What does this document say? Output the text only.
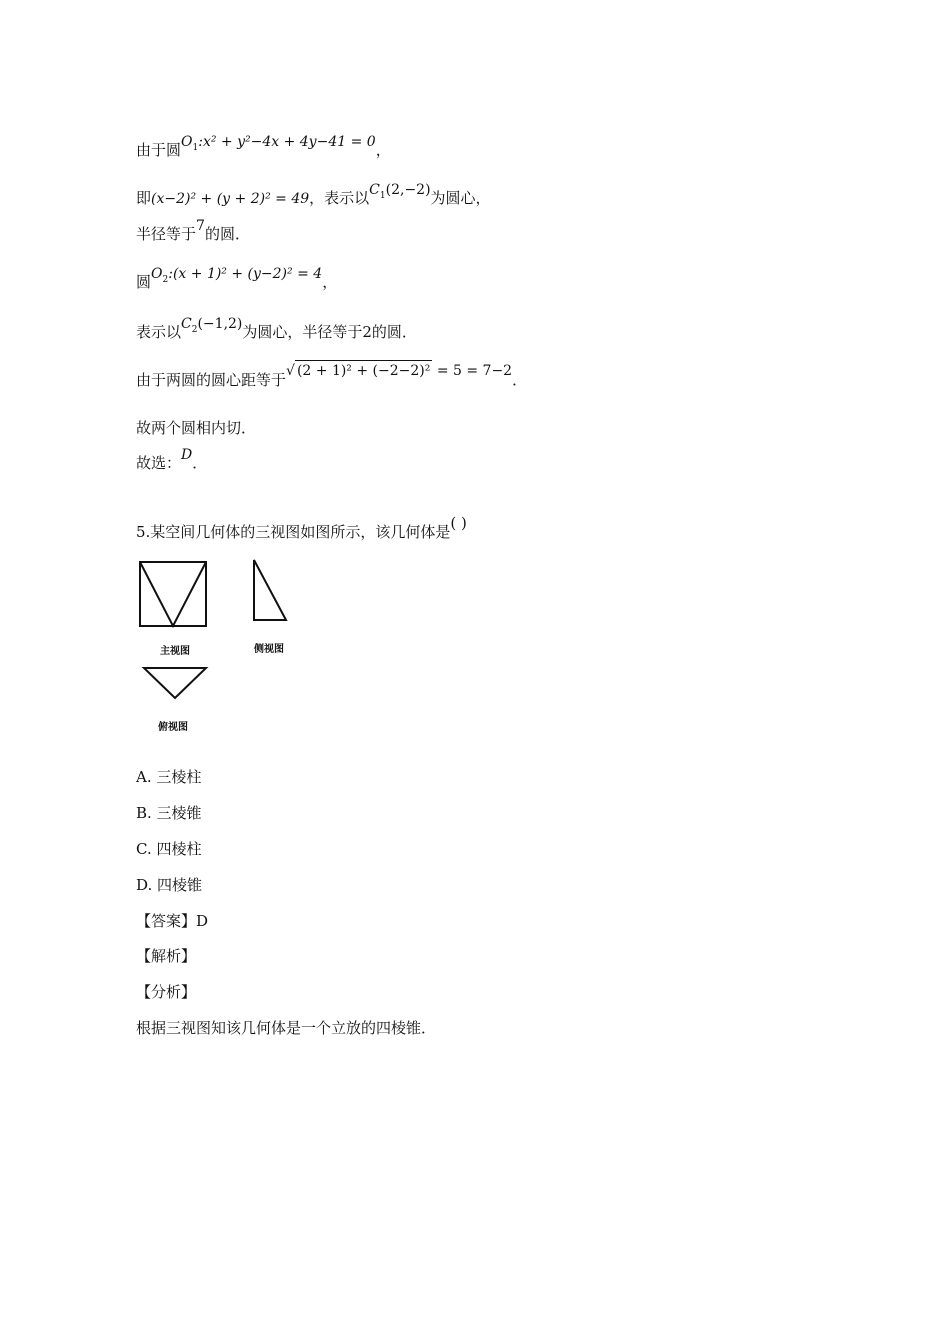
由于圆$O_1:x^2 + y^2-4x + 4y-41 = 0$，
即(x−2)² + (y + 2)² = 49，表示以$C_1(2,-2)$为圆心，
半径等于7的圆．
圆$O_2:(x + 1)^2 + (y-2)^2 = 4$，
表示以$C_2(-1,2)$为圆心，半径等于2的圆．
由于两圆的圆心距等于√ (2 + 1)² + (−2−2)² = 5 = 7−2．
故两个圆相内切．
故选：D．
5.某空间几何体的三视图如图所示，该几何体是( )
主视图	侧视图
俯视图
A. 三棱柱
B. 三棱锥
C. 四棱柱
D. 四棱锥
【答案】D
【解析】
【分析】
根据三视图知该几何体是一个立放的四棱锥．
